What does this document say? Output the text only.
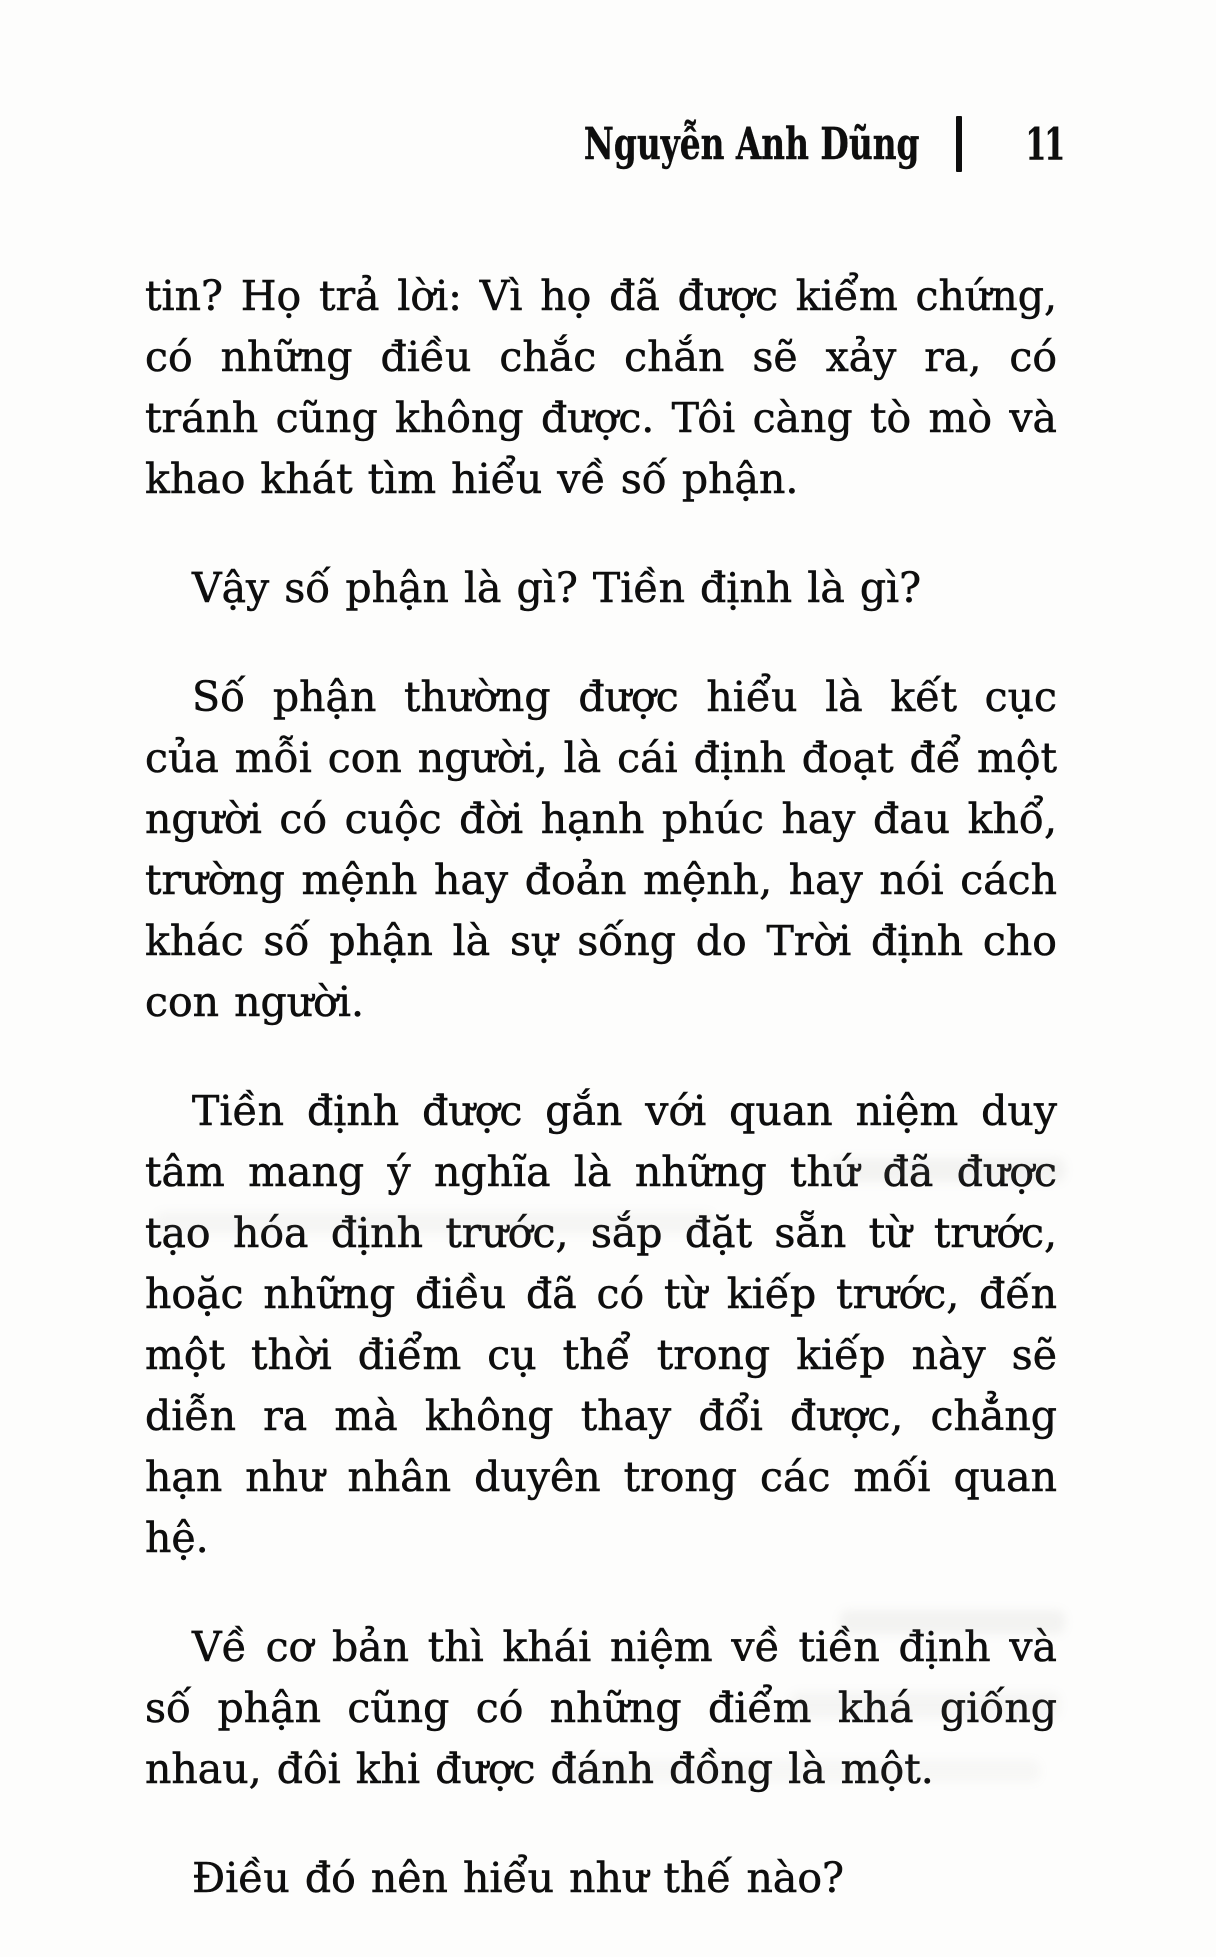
Nguyễn Anh Dũng	11

tin? Họ trả lời: Vì họ đã được kiểm chứng, có những điều chắc chắn sẽ xảy ra, có tránh cũng không được. Tôi càng tò mò và khao khát tìm hiểu về số phận.

Vậy số phận là gì? Tiền định là gì?

Số phận thường được hiểu là kết cục của mỗi con người, là cái định đoạt để một người có cuộc đời hạnh phúc hay đau khổ, trường mệnh hay đoản mệnh, hay nói cách khác số phận là sự sống do Trời định cho con người.

Tiền định được gắn với quan niệm duy tâm mang ý nghĩa là những thứ đã được tạo hóa định trước, sắp đặt sẵn từ trước, hoặc những điều đã có từ kiếp trước, đến một thời điểm cụ thể trong kiếp này sẽ diễn ra mà không thay đổi được, chẳng hạn như nhân duyên trong các mối quan hệ.

Về cơ bản thì khái niệm về tiền định và số phận cũng có những điểm khá giống nhau, đôi khi được đánh đồng là một.

Điều đó nên hiểu như thế nào?
